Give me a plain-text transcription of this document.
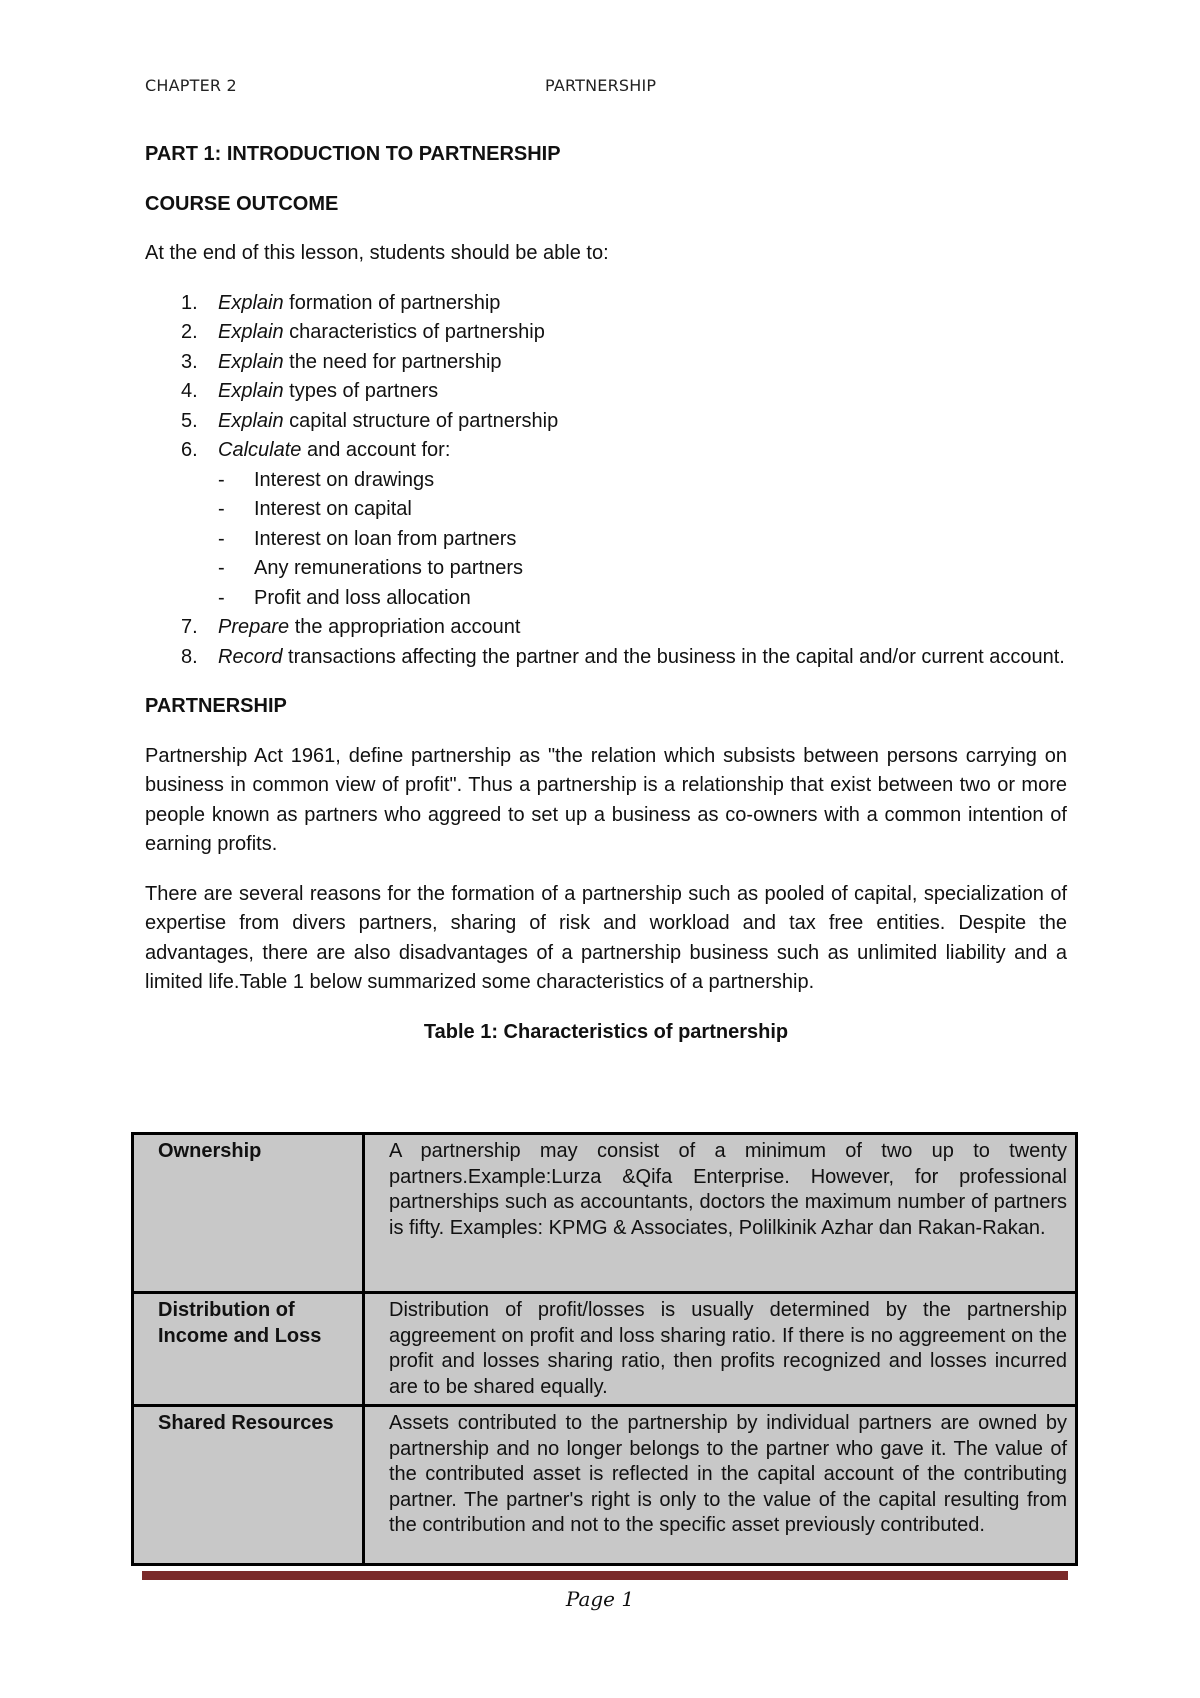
CHAPTER 2	PARTNERSHIP
PART 1: INTRODUCTION TO PARTNERSHIP
COURSE OUTCOME
At the end of this lesson, students should be able to:
1. Explain formation of partnership
2. Explain characteristics of partnership
3. Explain the need for partnership
4. Explain types of partners
5. Explain capital structure of partnership
6. Calculate and account for:
- Interest on drawings
- Interest on capital
- Interest on loan from partners
- Any remunerations to partners
- Profit and loss allocation
7. Prepare the appropriation account
8. Record transactions affecting the partner and the business in the capital and/or current account.
PARTNERSHIP
Partnership Act 1961, define partnership as "the relation which subsists between persons carrying on business in common view of profit". Thus a partnership is a relationship that exist between two or more people known as partners who aggreed to set up a business as co-owners with a common intention of earning profits.
There are several reasons for the formation of a partnership such as pooled of capital, specialization of expertise from divers partners, sharing of risk and workload and tax free entities. Despite the advantages, there are also disadvantages of a partnership business such as unlimited liability and a limited life.Table 1 below summarized some characteristics of a partnership.
Table 1: Characteristics of partnership
Ownership	A partnership may consist of a minimum of two up to twenty partners.Example:Lurza &Qifa Enterprise. However, for professional partnerships such as accountants, doctors the maximum number of partners is fifty. Examples: KPMG & Associates, Polilkinik Azhar dan Rakan-Rakan.
Distribution of Income and Loss	Distribution of profit/losses is usually determined by the partnership aggreement on profit and loss sharing ratio. If there is no aggreement on the profit and losses sharing ratio, then profits recognized and losses incurred are to be shared equally.
Shared Resources	Assets contributed to the partnership by individual partners are owned by partnership and no longer belongs to the partner who gave it. The value of the contributed asset is reflected in the capital account of the contributing partner. The partner's right is only to the value of the capital resulting from the contribution and not to the specific asset previously contributed.
Page 1
